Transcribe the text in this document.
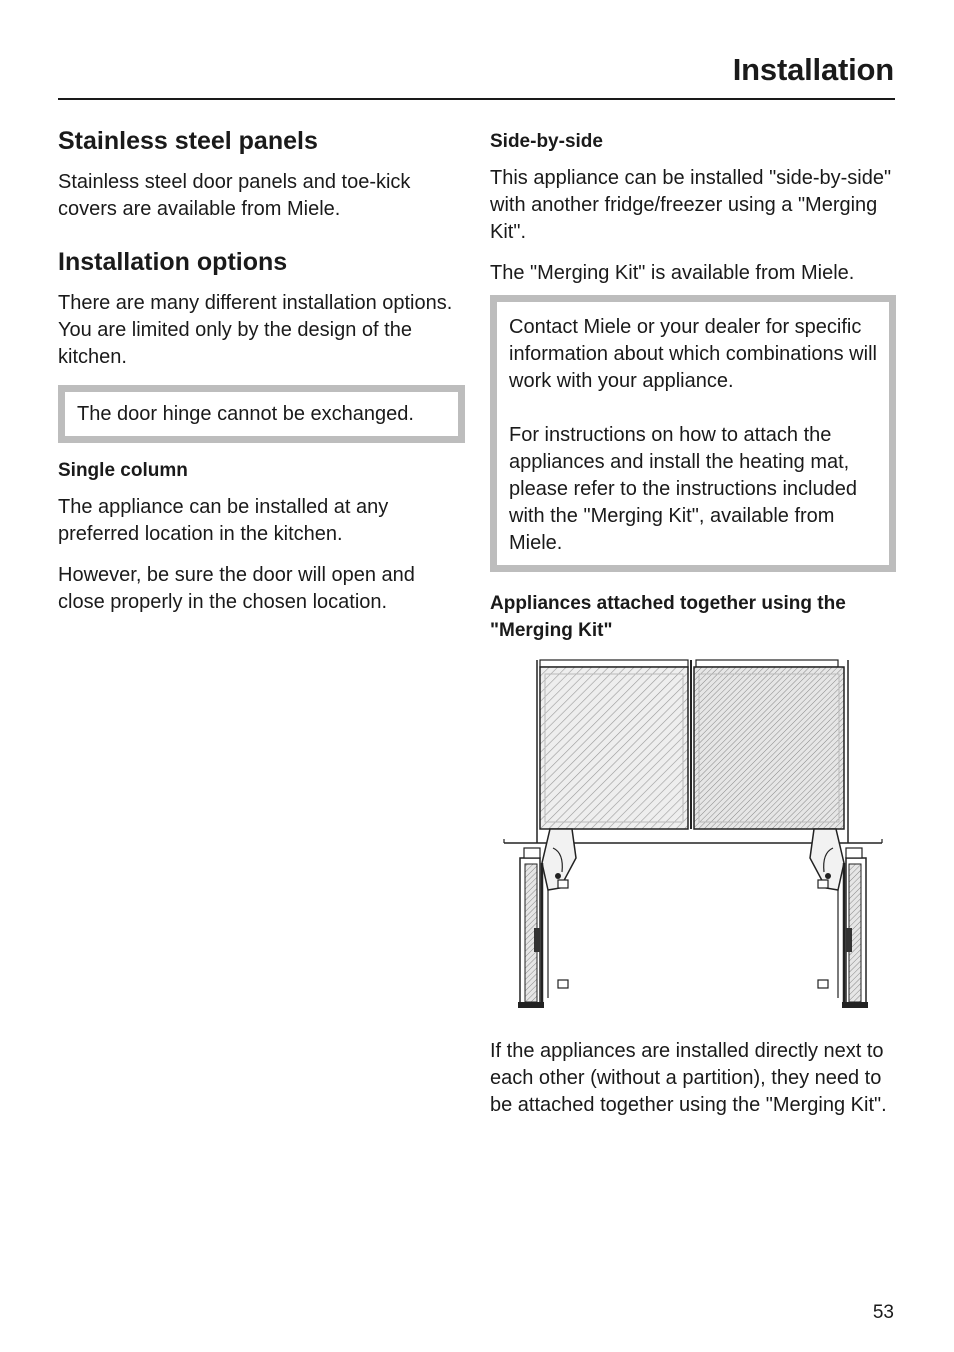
Installation
Stainless steel panels

Stainless steel door panels and toe-kick covers are available from Miele.

Installation options

There are many different installation options. You are limited only by the design of the kitchen.

The door hinge cannot be exchanged.

Single column

The appliance can be installed at any preferred location in the kitchen.

However, be sure the door will open and close properly in the chosen location.

Side-by-side

This appliance can be installed "side-by-side" with another fridge/freezer using a "Merging Kit".

The "Merging Kit" is available from Miele.

Contact Miele or your dealer for specific information about which combinations will work with your appliance.

For instructions on how to attach the appliances and install the heating mat, please refer to the instructions included with the "Merging Kit", available from Miele.

Appliances attached together using the "Merging Kit"

If the appliances are installed directly next to each other (without a partition), they need to be attached together using the "Merging Kit".

53
